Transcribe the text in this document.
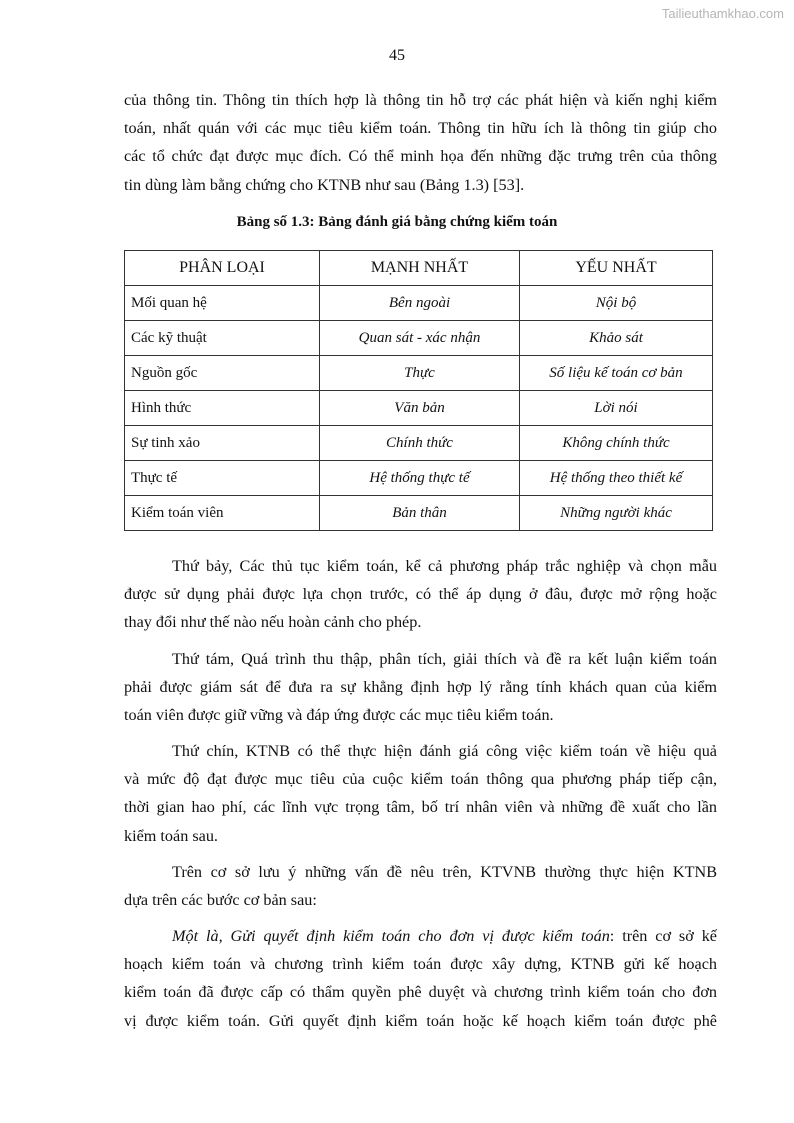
Tailieuthamkhao.com
45
của thông tin. Thông tin thích hợp là thông tin hỗ trợ các phát hiện và kiến nghị kiểm
toán, nhất quán với các mục tiêu kiểm toán. Thông tin hữu ích là thông tin giúp cho
các tổ chức đạt được mục đích. Có thể minh họa đến những đặc trưng trên của thông
tin dùng làm bằng chứng cho KTNB như sau (Bảng 1.3) [53].
Bảng số 1.3: Bảng đánh giá bằng chứng kiểm toán
PHÂN LOẠI	MẠNH NHẤT	YẾU NHẤT
Mối quan hệ	Bên ngoài	Nội bộ
Các kỹ thuật	Quan sát - xác nhận	Khảo sát
Nguồn gốc	Thực	Số liệu kế toán cơ bản
Hình thức	Văn bản	Lời nói
Sự tinh xảo	Chính thức	Không chính thức
Thực tế	Hệ thống thực tế	Hệ thống theo thiết kế
Kiểm toán viên	Bản thân	Những người khác
Thứ bảy, Các thủ tục kiểm toán, kể cả phương pháp trắc nghiệp và chọn mẫu
được sử dụng phải được lựa chọn trước, có thể áp dụng ở đâu, được mở rộng hoặc
thay đổi như thế nào nếu hoàn cảnh cho phép.
Thứ tám, Quá trình thu thập, phân tích, giải thích và đề ra kết luận kiểm toán
phải được giám sát để đưa ra sự khẳng định hợp lý rằng tính khách quan của kiểm
toán viên được giữ vững và đáp ứng được các mục tiêu kiểm toán.
Thứ chín, KTNB có thể thực hiện đánh giá công việc kiểm toán về hiệu quả
và mức độ đạt được mục tiêu của cuộc kiểm toán thông qua phương pháp tiếp cận,
thời gian hao phí, các lĩnh vực trọng tâm, bố trí nhân viên và những đề xuất cho lần
kiểm toán sau.
Trên cơ sở lưu ý những vấn đề nêu trên, KTVNB thường thực hiện KTNB
dựa trên các bước cơ bản sau:
Một là, Gửi quyết định kiểm toán cho đơn vị được kiểm toán: trên cơ sở kế
hoạch kiểm toán và chương trình kiểm toán được xây dựng, KTNB gửi kế hoạch
kiểm toán đã được cấp có thẩm quyền phê duyệt và chương trình kiểm toán cho đơn
vị được kiểm toán. Gửi quyết định kiểm toán hoặc kế hoạch kiểm toán được phê
